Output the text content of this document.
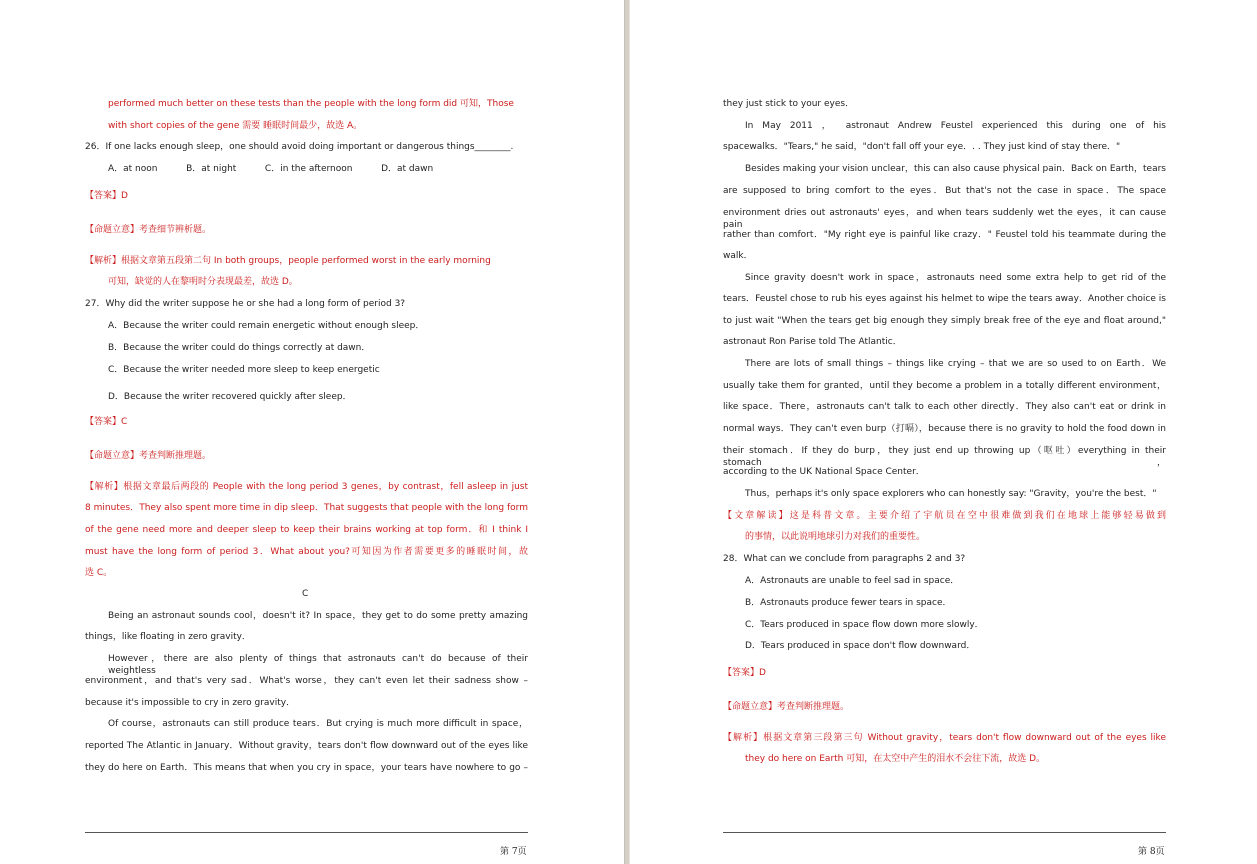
performed much better on these tests than the people with the long form did 可知，Those
with short copies of the gene 需要 睡眠时间最少，故选 A。
26．If one lacks enough sleep，one should avoid doing important or dangerous things________.
A．at noon          B．at night          C．in the afternoon          D．at dawn
【答案】D
【命题立意】考查细节辨析题。
【解析】根据文章第五段第二句 In both groups，people performed worst in the early morning
可知，缺觉的人在黎明时分表现最差，故选 D。
27．Why did the writer suppose he or she had a long form of period 3?
A．Because the writer could remain energetic without enough sleep．
B．Because the writer could do things correctly at dawn．
C．Because the writer needed more sleep to keep energetic
D．Because the writer recovered quickly after sleep．
【答案】C
【命题立意】考查判断推理题。
【解析】根据文章最后两段的 People with the long period 3 genes，by contrast，fell asleep in just
8 minutes．They also spent more time in dip sleep．That suggests that people with the long form
of the gene need more and deeper sleep to keep their brains working at top form．和 I think I
must have the long form of period 3．What about you?可知因为作者需要更多的睡眠时间，故
选 C。
C
Being an astronaut sounds cool，doesn't it? In space，they get to do some pretty amazing
things，like floating in zero gravity．
However，there are also plenty of things that astronauts can't do because of their weightless
environment，and that's very sad．What's worse，they can't even let their sadness show –
because it's impossible to cry in zero gravity．
Of course，astronauts can still produce tears．But crying is much more difficult in space，
reported The Atlantic in January．Without gravity，tears don't flow downward out of the eyes like
they do here on Earth．This means that when you cry in space，your tears have nowhere to go –
第 7页
they just stick to your eyes．
In May 2011 ， astronaut Andrew Feustel experienced this during one of his
spacewalks．"Tears," he said，"don't fall off your eye．. . They just kind of stay there．"
Besides making your vision unclear，this can also cause physical pain．Back on Earth，tears
are supposed to bring comfort to the eyes．But that's not the case in space．The space
environment dries out astronauts' eyes，and when tears suddenly wet the eyes，it can cause pain
rather than comfort．"My right eye is painful like crazy．" Feustel told his teammate during the
walk．
Since gravity doesn't work in space，astronauts need some extra help to get rid of the
tears．Feustel chose to rub his eyes against his helmet to wipe the tears away．Another choice is
to just wait "When the tears get big enough they simply break free of the eye and float around,"
astronaut Ron Parise told The Atlantic．
There are lots of small things – things like crying – that we are so used to on Earth．We
usually take them for granted，until they become a problem in a totally different environment，
like space．There，astronauts can't talk to each other directly．They also can't eat or drink in
normal ways．They can't even burp（打嗝），because there is no gravity to hold the food down in
their stomach．If they do burp，they just end up throwing up（呕吐）everything in their stomach，
according to the UK National Space Center．
Thus，perhaps it's only space explorers who can honestly say: "Gravity，you're the best．"
【文章解读】这是科普文章。主要介绍了宇航员在空中很难做到我们在地球上能够轻易做到
的事情，以此说明地球引力对我们的重要性。
28．What can we conclude from paragraphs 2 and 3?
A．Astronauts are unable to feel sad in space．
B．Astronauts produce fewer tears in space．
C．Tears produced in space flow down more slowly．
D．Tears produced in space don't flow downward．
【答案】D
【命题立意】考查判断推理题。
【解析】根据文章第三段第三句 Without gravity，tears don't flow downward out of the eyes like
they do here on Earth 可知，在太空中产生的泪水不会往下流，故选 D。
第 8页
